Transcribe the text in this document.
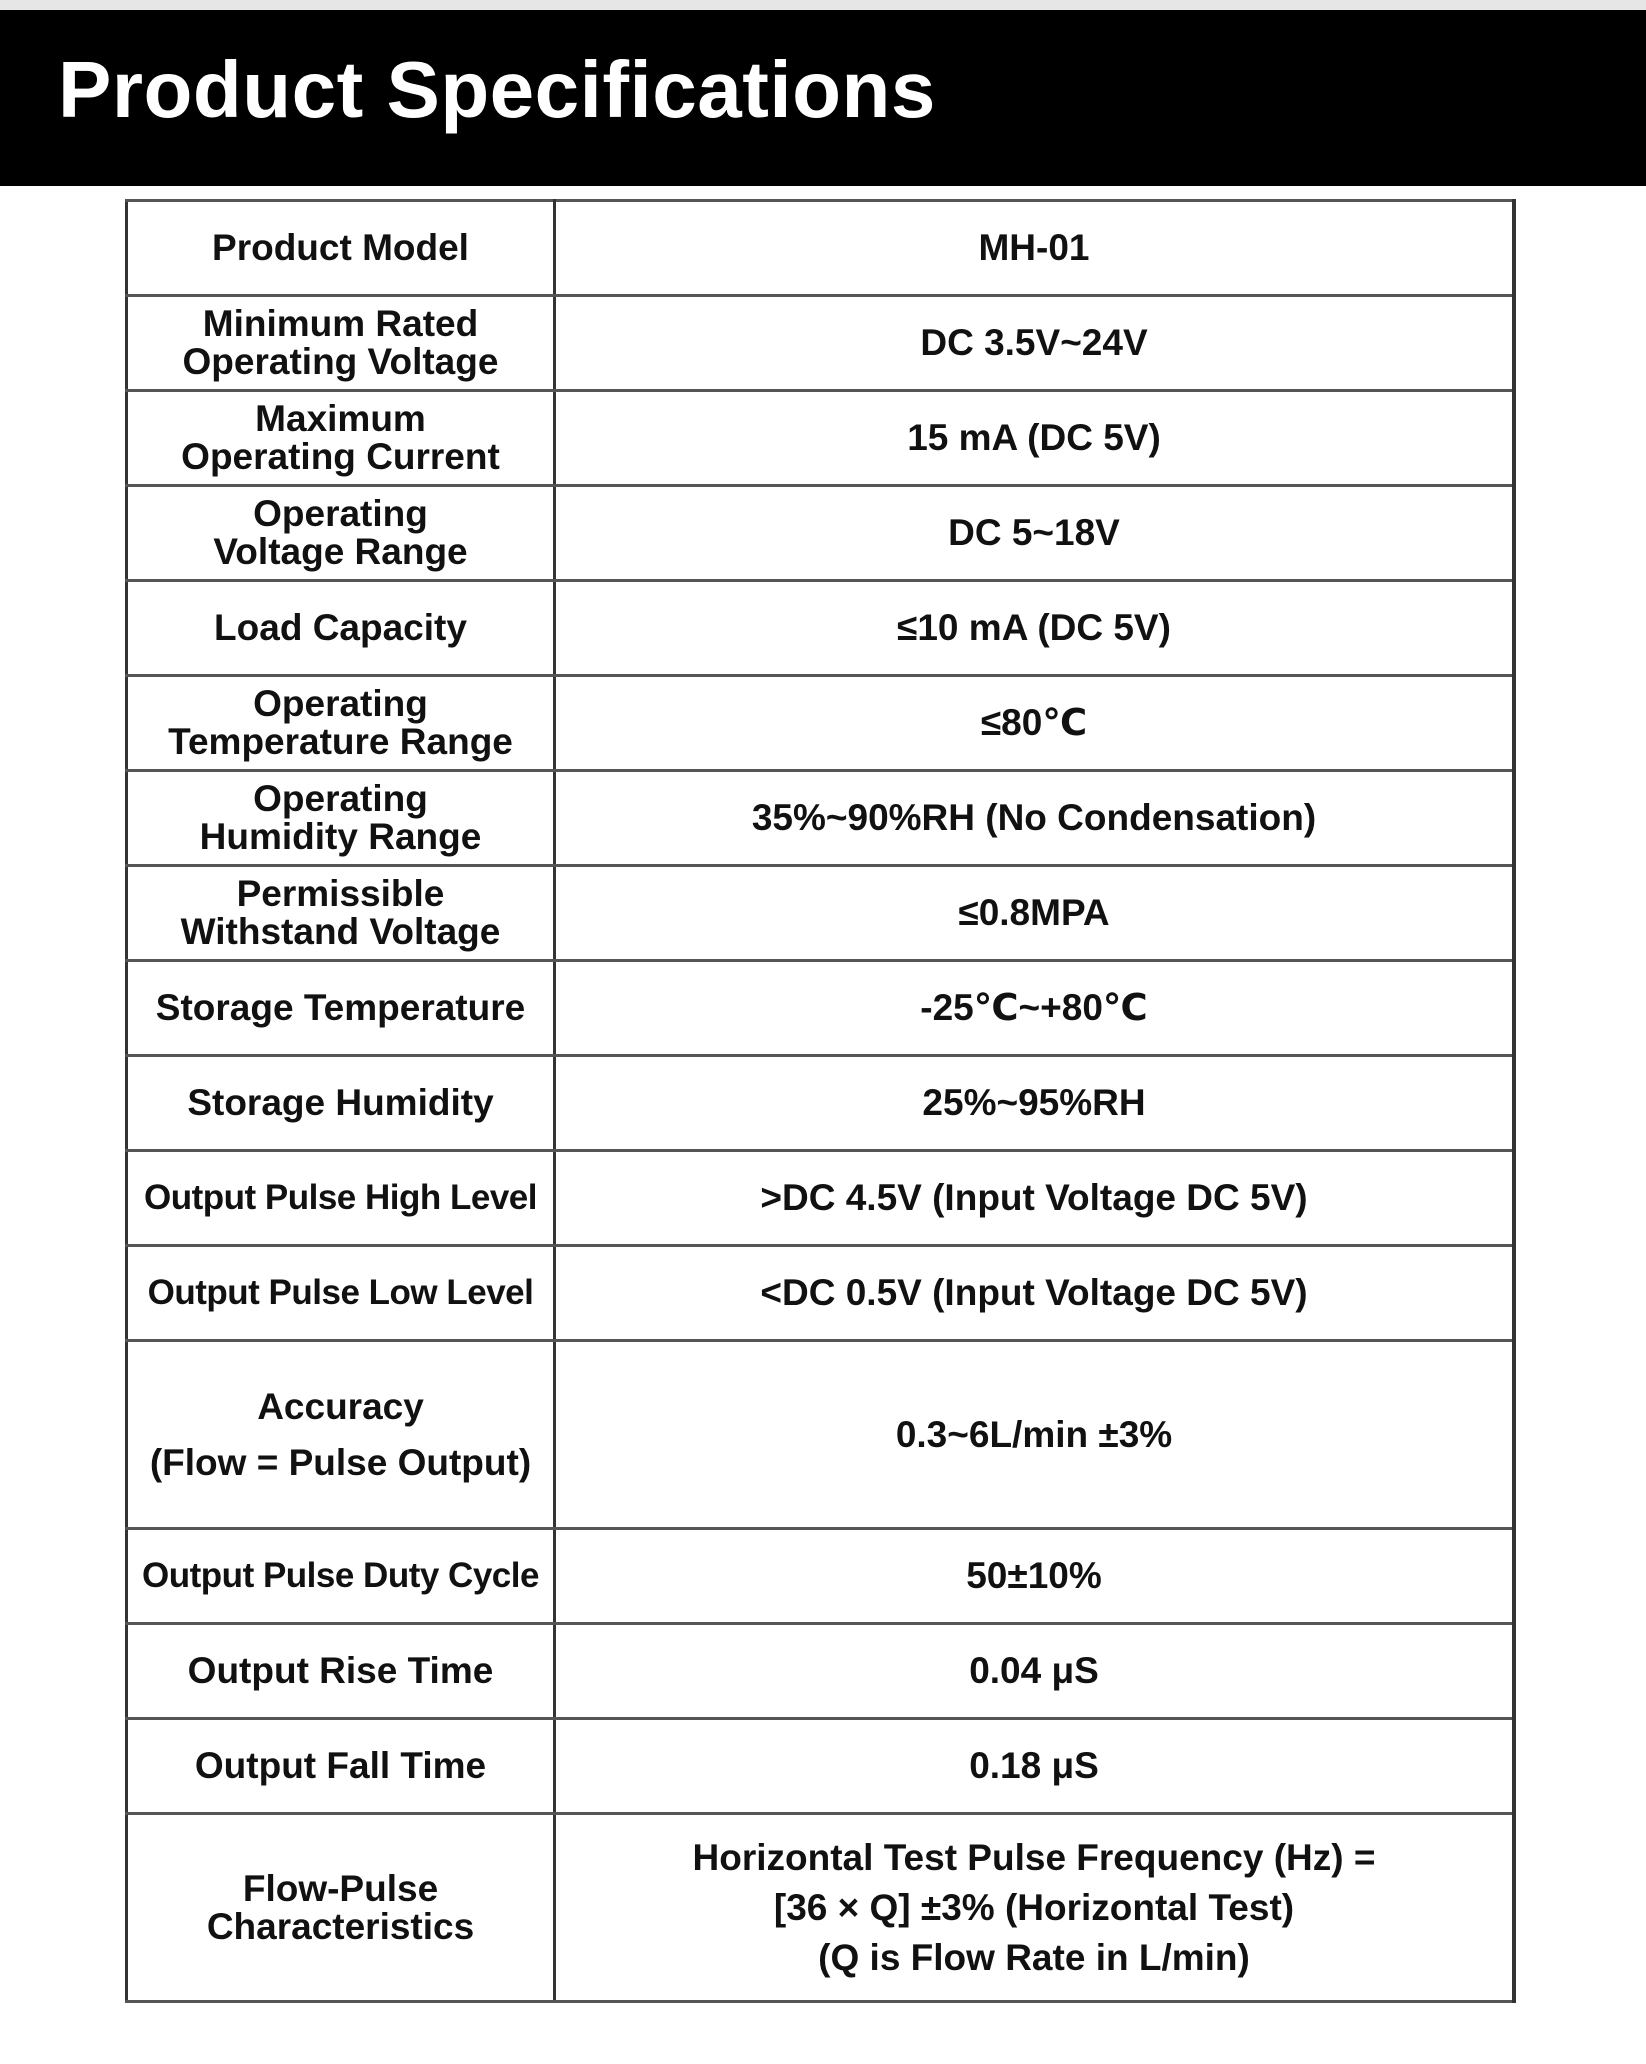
Product Specifications
Product Model	MH-01

Minimum Rated
Operating Voltage	DC 3.5V~24V

Maximum
Operating Current	15 mA (DC 5V)

Operating
Voltage Range	DC 5~18V

Load Capacity	≤10 mA (DC 5V)

Operating
Temperature Range	≤80℃

Operating
Humidity Range	35%~90%RH (No Condensation)

Permissible
Withstand Voltage	≤0.8MPA

Storage Temperature	-25℃~+80℃

Storage Humidity	25%~95%RH

Output Pulse High Level	>DC 4.5V (Input Voltage DC 5V)

Output Pulse Low Level	<DC 0.5V (Input Voltage DC 5V)

Accuracy
(Flow = Pulse Output)	0.3~6L/min ±3%

Output Pulse Duty Cycle	50±10%

Output Rise Time	0.04 μS

Output Fall Time	0.18 μS

Flow-Pulse
Characteristics	Horizontal Test Pulse Frequency (Hz) =
[36 × Q] ±3% (Horizontal Test)
(Q is Flow Rate in L/min)
